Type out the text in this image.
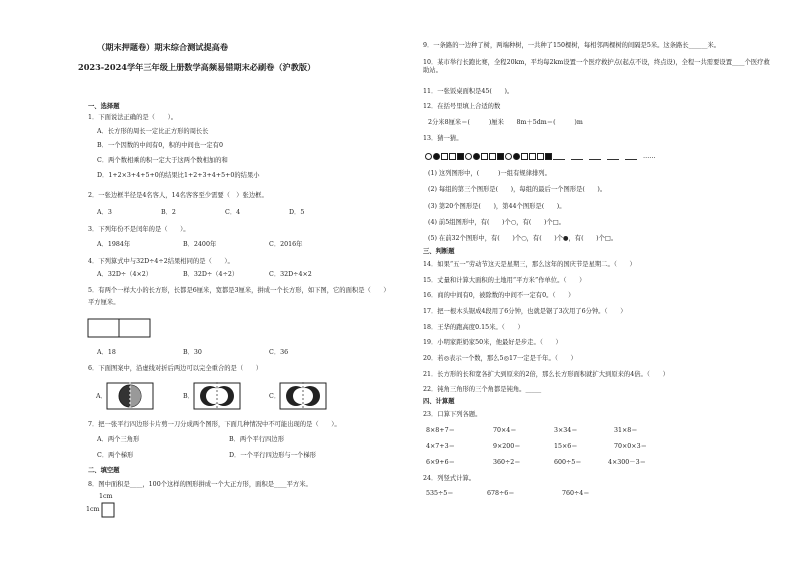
（期末押题卷）期末综合测试提高卷
2023-2024学年三年级上册数学高频易错期末必刷卷（沪教版）
一、选择题
1．下面说法正确的是（　　）。
A．长方形的周长一定比正方形的周长长
B．一个因数的中间有0，积的中间也一定有0
C．两个数相乘的积一定大于这两个数相加的和
D．1+2×3+4+5+0的结果比1+2+3+4+5+0的结果小
2．一张边框半径是4名客人，14名客客至少需要（　）张边框。
A．3	B．2	C．4	D．5
3．下列年份不是闰年的是（　　）。
A．1984年	B．2400年	C．2016年
4．下列算式中与32D÷4÷2结果相同的是（　　）。
A．32D÷（4×2）	B．32D÷（4÷2）	C．32D÷4×2
5．有两个一样大小的长方形，长都是6厘米，宽都是3厘米，拼成一个长方形，如下图，它的面积是（　　）
平方厘米。
A．18	B．30	C．36
6．下面图案中，沿虚线对折后两边可以完全重合的是（　　）
A．	B．	C．
7．把一张平行四边形卡片剪一刀分成两个图形，下面几种情况中不可能出现的是（　　）。
A．两个三角形	B．两个平行四边形
C．两个梯形	D．一个平行四边形与一个梯形
二、填空题
8．图中面积是____，100个这样的图形拼成一个大正方形，面积是____平方米。
1cm
1cm
9．一条路的一边种了树，两端种树，一共种了150棵树，每相邻两棵树的间隔是5米。这条路长______米。
10．某市举行长跑比赛，全程20km，平均每2km设置一个医疗救护点(起点不设，终点设)，全程一共需要设置____个医疗救助站。
11．一张饭桌面积是45(　　)。
12．在括号里填上合适的数
2分米8厘米＝(　　　)厘米　　8m＋5dm＝(　　　)m
13．猜一猜。
……
(1) 这列图形中，(　　　)一组有规律排列。
(2) 每组的第三个图形是(　　)，每组的最后一个图形是(　　)。
(3) 第20个图形是(　　)，第44个图形是(　　)。
(4) 前5组图形中，有(　　)个○，有(　　)个□。
(5) 在前32个图形中，有(　　)个○，有(　　)个●，有(　　)个□。
三、判断题
14．如果“五一”劳动节这天是星期三，那么这年的国庆节是星期二。（　　）
15．丈量和计算大面积的土地用“平方米”作单位。（　　）
16．商的中间有0，被除数的中间不一定有0。（　　）
17．把一根木头锯成4段用了6分钟，也就是锯了3次用了6分钟。（　　）
18．王华的跑高度0.15米。（　　）
19．小明家距奶家50米，他最好是步走。（　　）
20．若◎表示一个数，那么5◎17一定是千年。（　　）
21．长方形的长和宽各扩大到原来的2倍，那么长方形面积就扩大到原来的4倍。（　　）
22．钝角三角形的三个角都是钝角。_____
四、计算题
23．口算下列各题。
8×8+7＝	70×4＝	3×34＝	31×8＝
4×7+3＝	9×200＝	15×6＝	70×0×3＝
6×9+6＝	360÷2＝	600÷5＝	4×300－3＝
24．列竖式计算。
535÷5＝	678÷6＝	760÷4＝
